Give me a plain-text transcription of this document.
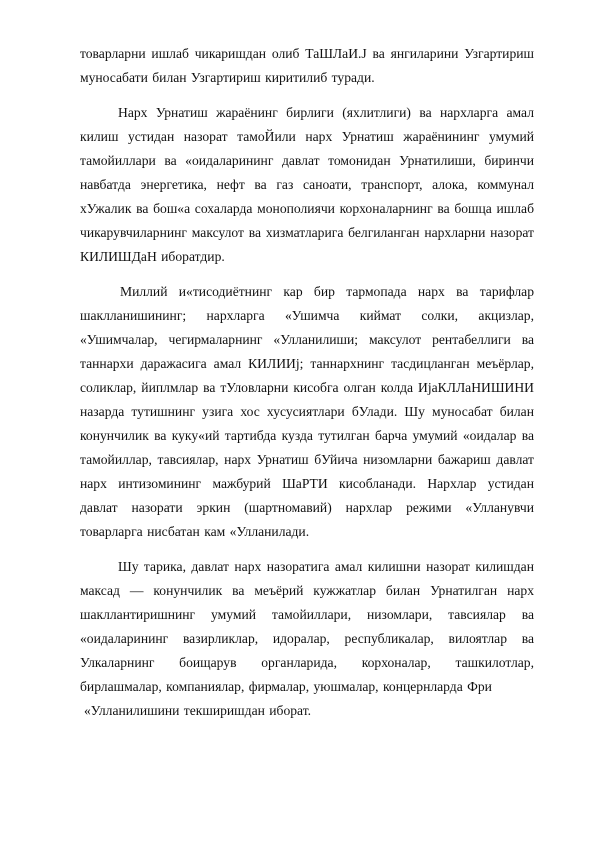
товарларни ишлаб чикаришдан олиб ТаШЛаИ.J ва янгиларини Узгартириш муносабати билан Узгартириш киритилиб туради.

Нарх Урнатиш жараёнинг бирлиги (яхлитлиги) ва нархларга амал килиш устидан назорат тамоЙили нарх Урнатиш жараёнининг умумий тамойиллари ва «оидаларининг давлат томонидан Урнатилиши, биринчи навбатда энергетика, нефт ва газ саноати, транспорт, алока, коммунал хУжалик ва бош«а сохаларда монополиячи корхоналарнинг ва бошца ишлаб чикарувчиларнинг максулот ва хизматларига белгиланган нархларни назорат КИЛИШДаН иборатдир.

Миллий и«тисодиётнинг кар бир тармопада нарх ва тарифлар шаклланишининг; нархларга «Ушимча киймат солки, акцизлар, «Ушимчалар, чегирмаларнинг «Улланилиши; максулот рентабеллиги ва таннархи даражасига амал КИЛИИj; таннархнинг тасдицланган меъёрлар, соликлар, йиплмлар ва тУловларни кисобга олган колда ИjaКЛЛаНИШИНИ назарда тутишнинг узига хос хусусиятлари бУлади. Шу муносабат билан конунчилик ва куку«ий тартибда кузда тутилган барча умумий «оидалар ва тамойиллар, тавсиялар, нарх Урнатиш бУйича низомларни бажариш давлат нарх интизомининг мажбурий ШаРТИ кисобланади. Нархлар устидан давлат назорати эркин (шартномавий) нархлар режими «Улланувчи товарларга нисбатан кам «Улланилади.

Шу тарика, давлат нарх назоратига амал килишни назорат килишдан максад — конунчилик ва меъёрий кужжатлар билан Урнатилган нарх шакллантиришнинг умумий тамойиллари, низомлари, тавсиялар ва «оидаларининг вазирликлар, идоралар, республикалар, вилоятлар ва Улкаларнинг боищарув органларида, корхоналар, ташкилотлар, бирлашмалар, компаниялар, фирмалар, уюшмалар, концернларда Фри

«Улланилишини текширишдан иборат.
